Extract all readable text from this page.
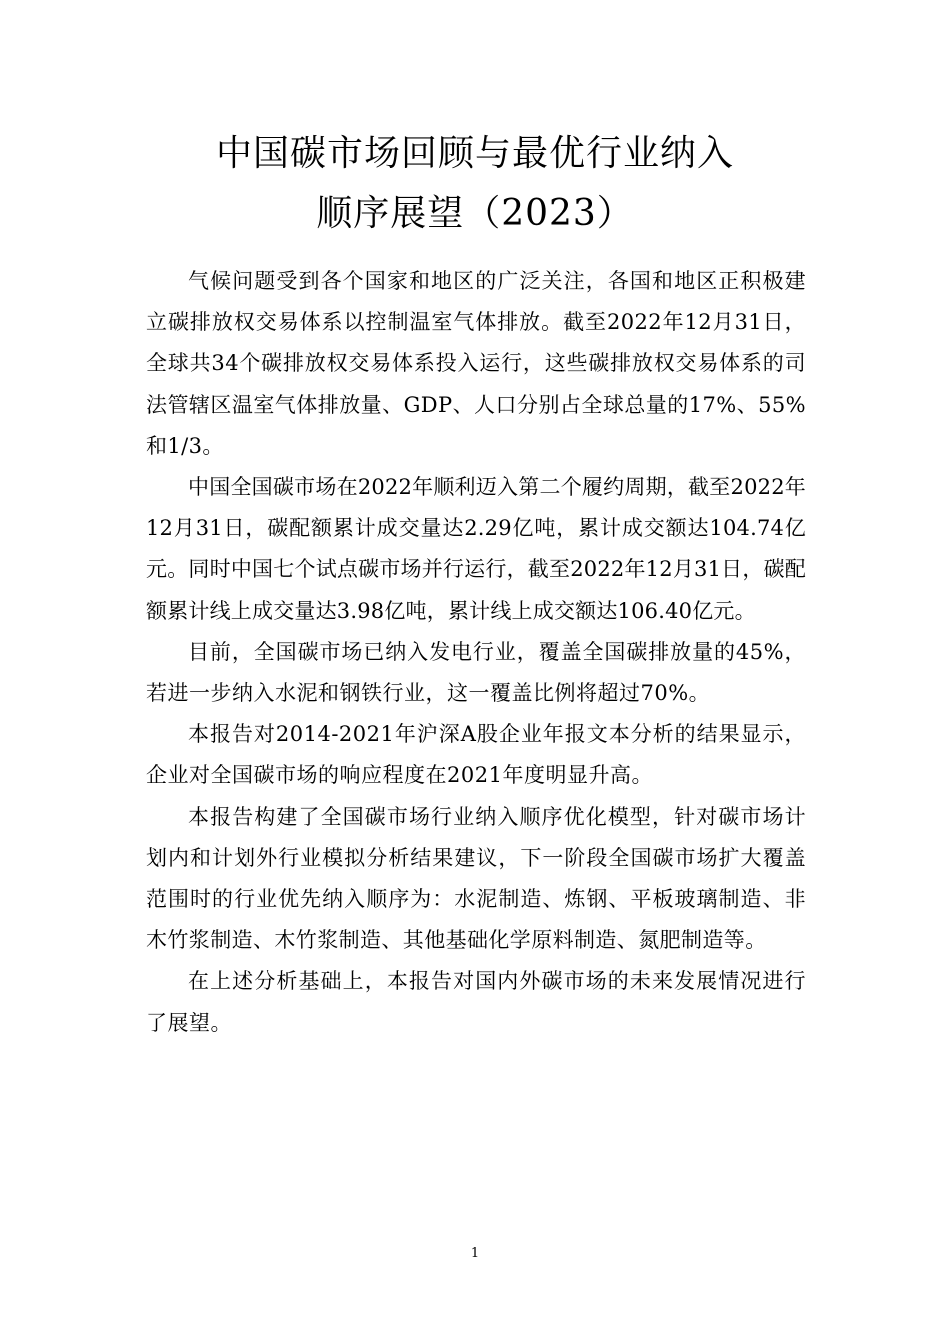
中国碳市场回顾与最优行业纳入
顺序展望（2023）

气候问题受到各个国家和地区的广泛关注，各国和地区正积极建立碳排放权交易体系以控制温室气体排放。截至2022年12月31日，全球共34个碳排放权交易体系投入运行，这些碳排放权交易体系的司法管辖区温室气体排放量、GDP、人口分别占全球总量的17%、55%和1/3。

中国全国碳市场在2022年顺利迈入第二个履约周期，截至2022年12月31日，碳配额累计成交量达2.29亿吨，累计成交额达104.74亿元。同时中国七个试点碳市场并行运行，截至2022年12月31日，碳配额累计线上成交量达3.98亿吨，累计线上成交额达106.40亿元。

目前，全国碳市场已纳入发电行业，覆盖全国碳排放量的45%，若进一步纳入水泥和钢铁行业，这一覆盖比例将超过70%。

本报告对2014-2021年沪深A股企业年报文本分析的结果显示，企业对全国碳市场的响应程度在2021年度明显升高。

本报告构建了全国碳市场行业纳入顺序优化模型，针对碳市场计划内和计划外行业模拟分析结果建议，下一阶段全国碳市场扩大覆盖范围时的行业优先纳入顺序为：水泥制造、炼钢、平板玻璃制造、非木竹浆制造、木竹浆制造、其他基础化学原料制造、氮肥制造等。

在上述分析基础上，本报告对国内外碳市场的未来发展情况进行了展望。

1
